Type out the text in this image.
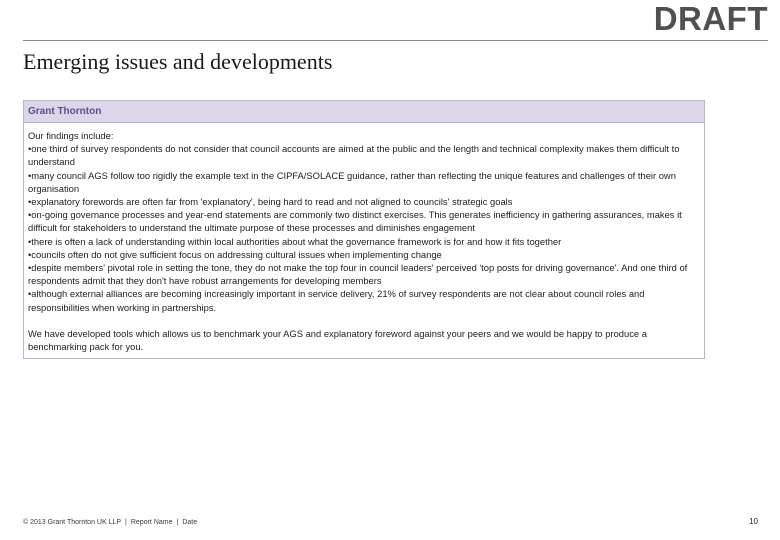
DRAFT
Emerging issues and developments
Grant Thornton

Our findings include:

•one third of survey respondents do not consider that council accounts are aimed at the public and the length and technical complexity makes them difficult to understand
•many council AGS follow too rigidly the example text in the CIPFA/SOLACE guidance, rather than reflecting the unique features and challenges of their own organisation
•explanatory forewords are often far from 'explanatory', being hard to read and not aligned to councils' strategic goals
•on-going governance processes and year-end statements are commonly two distinct exercises. This generates inefficiency in gathering assurances, makes it difficult for stakeholders to understand the ultimate purpose of these processes and diminishes engagement
•there is often a lack of understanding within local authorities about what the governance framework is for and how it fits together
•councils often do not give sufficient focus on addressing cultural issues when implementing change
•despite members' pivotal role in setting the tone, they do not make the top four in council leaders' perceived 'top posts for driving governance'. And one third of respondents admit that they don't have robust arrangements for developing members
•although external alliances are becoming increasingly important in service delivery, 21% of survey respondents are not clear about council roles and responsibilities when working in partnerships.

We have developed tools which allows us to benchmark your AGS and explanatory foreword against your peers and we would be happy to produce a benchmarking pack for you.

© 2013 Grant Thornton UK LLP | Report Name | Date	10
